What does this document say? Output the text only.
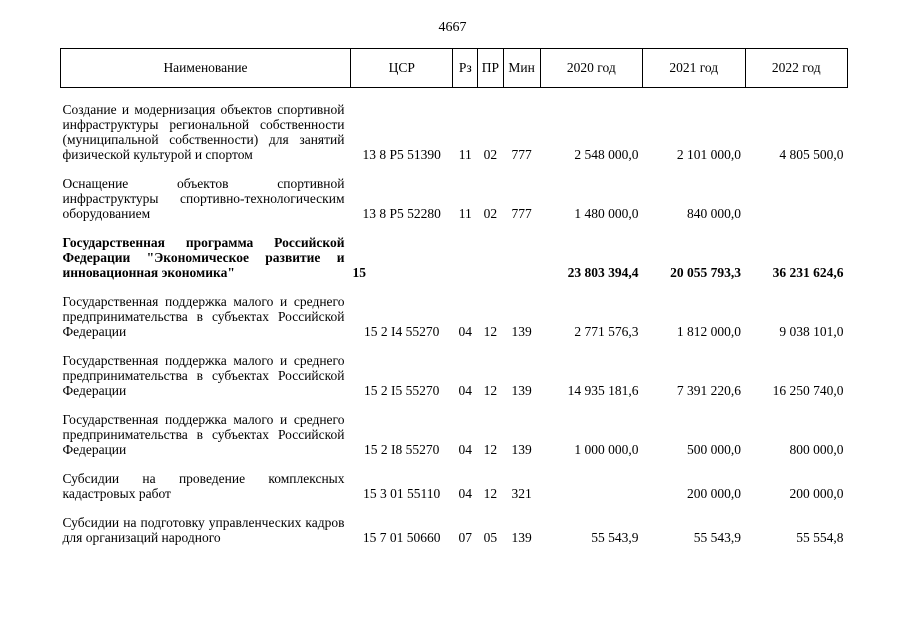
4667
Наименование	ЦСР	Рз	ПР	Мин	2020 год	2021 год	2022 год

Создание и модернизация объектов спортивной инфраструктуры региональной собственности (муниципальной собственности) для занятий физической культурой и спортом	13 8 P5 51390	11	02	777	2 548 000,0	2 101 000,0	4 805 500,0

Оснащение объектов спортивной инфраструктуры спортивно-технологическим оборудованием	13 8 P5 52280	11	02	777	1 480 000,0	840 000,0	

Государственная программа Российской Федерации "Экономическое развитие и инновационная экономика"	15				23 803 394,4	20 055 793,3	36 231 624,6

Государственная поддержка малого и среднего предпринимательства в субъектах Российской Федерации	15 2 I4 55270	04	12	139	2 771 576,3	1 812 000,0	9 038 101,0

Государственная поддержка малого и среднего предпринимательства в субъектах Российской Федерации	15 2 I5 55270	04	12	139	14 935 181,6	7 391 220,6	16 250 740,0

Государственная поддержка малого и среднего предпринимательства в субъектах Российской Федерации	15 2 I8 55270	04	12	139	1 000 000,0	500 000,0	800 000,0

Субсидии на проведение комплексных кадастровых работ	15 3 01 55110	04	12	321		200 000,0	200 000,0

Субсидии на подготовку управленческих кадров для организаций народного	15 7 01 50660	07	05	139	55 543,9	55 543,9	55 554,8
